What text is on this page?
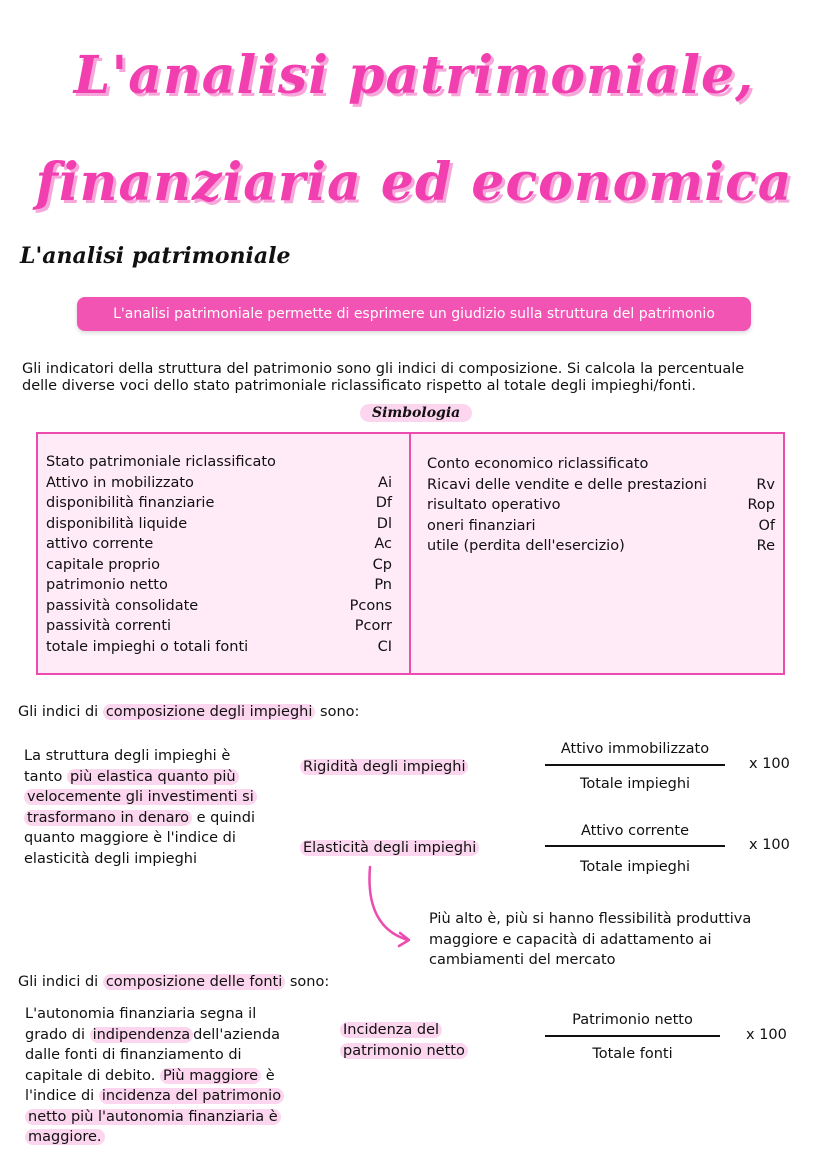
L'analisi patrimoniale,
finanziaria ed economica
L'analisi patrimoniale
L'analisi patrimoniale permette di esprimere un giudizio sulla struttura del patrimonio
Gli indicatori della struttura del patrimonio sono gli indici di composizione. Si calcola la percentuale
delle diverse voci dello stato patrimoniale riclassificato rispetto al totale degli impieghi/fonti.
Simbologia
Stato patrimoniale riclassificato
Attivo in mobilizzato	Ai
disponibilità finanziarie	Df
disponibilità liquide	Dl
attivo corrente	Ac
capitale proprio	Cp
patrimonio netto	Pn
passività consolidate	Pcons
passività correnti	Pcorr
totale impieghi o totali fonti	CI
Conto economico riclassificato
Ricavi delle vendite e delle prestazioni	Rv
risultato operativo	Rop
oneri finanziari	Of
utile (perdita dell'esercizio)	Re
Gli indici di composizione degli impieghi sono:
La struttura degli impieghi è
tanto più elastica quanto più
velocemente gli investimenti si
trasformano in denaro e quindi
quanto maggiore è l'indice di
elasticità degli impieghi
Rigidità degli impieghi
Attivo immobilizzato
Totale impieghi
x 100
Elasticità degli impieghi
Attivo corrente
Totale impieghi
x 100
Più alto è, più si hanno flessibilità produttiva
maggiore e capacità di adattamento ai
cambiamenti del mercato
Gli indici di composizione delle fonti sono:
L'autonomia finanziaria segna il
grado di indipendenza dell'azienda
dalle fonti di finanziamento di
capitale di debito. Più maggiore è
l'indice di incidenza del patrimonio
netto più l'autonomia finanziaria è
maggiore.
Incidenza del
patrimonio netto
Patrimonio netto
Totale fonti
x 100
